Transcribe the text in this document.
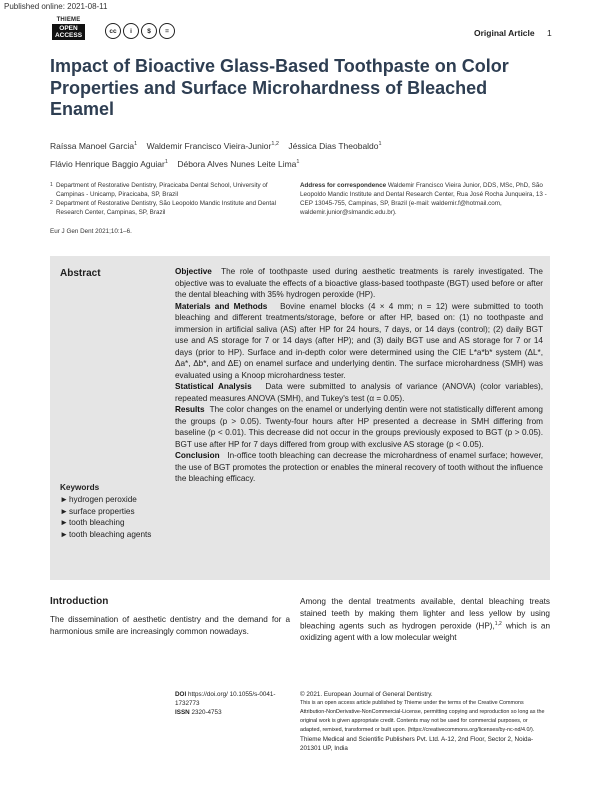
Published online: 2021-08-11
THIEME
OPEN
ACCESS
cc	i	$	=	Original Article 1
Impact of Bioactive Glass-Based Toothpaste on Color Properties and Surface Microhardness of Bleached Enamel
Raíssa Manoel Garcia$^1$ Waldemir Francisco Vieira-Junior$^{1,2}$ Jéssica Dias Theobaldo$^1$
Flávio Henrique Baggio Aguiar$^1$ Débora Alves Nunes Leite Lima$^1$
1 Department of Restorative Dentistry, Piracicaba Dental School, University of Campinas - Unicamp, Piracicaba, SP, Brazil
2 Department of Restorative Dentistry, São Leopoldo Mandic Institute and Dental Research Center, Campinas, SP, Brazil
Address for correspondence Waldemir Francisco Vieira Junior, DDS, MSc, PhD, São Leopoldo Mandic Institute and Dental Research Center, Rua José Rocha Junqueira, 13 - CEP 13045-755, Campinas, SP, Brazil (e-mail: waldemir.f@hotmail.com, waldemir.junior@slmandic.edu.br).
Eur J Gen Dent 2021;10:1–6.
Abstract	Objective The role of toothpaste used during aesthetic treatments is rarely investigated. The objective was to evaluate the effects of a bioactive glass-based toothpaste (BGT) used before or after the dental bleaching with 35% hydrogen peroxide (HP).

Materials and Methods Bovine enamel blocks (4 × 4 mm; n = 12) were submitted to tooth bleaching and different treatments/storage, before or after HP, based on: (1) no toothpaste and immersion in artificial saliva (AS) after HP for 24 hours, 7 days, or 14 days (control); (2) daily BGT use and AS storage for 7 or 14 days (after HP); and (3) daily BGT use and AS storage for 7 or 14 days (prior to HP). Surface and in-depth color were determined using the CIE L*a*b* system (ΔL*, Δa*, Δb*, and ΔE) on enamel surface and underlying dentin. The surface microhardness (SMH) was evaluated using a Knoop microhardness tester.

Statistical Analysis Data were submitted to analysis of variance (ANOVA) (color variables), repeated measures ANOVA (SMH), and Tukey's test (α = 0.05).

Results The color changes on the enamel or underlying dentin were not statistically different among the groups (p > 0.05). Twenty-four hours after HP presented a decrease in SMH differing from baseline (p < 0.01). This decrease did not occur in the groups previously exposed to BGT (p > 0.05). BGT use after HP for 7 days differed from group with exclusive AS storage (p < 0.05).

Conclusion In-office tooth bleaching can decrease the microhardness of enamel surface; however, the use of BGT promotes the protection or enables the mineral recovery of tooth without the influence the bleaching efficacy.

Keywords
► hydrogen peroxide
► surface properties
► tooth bleaching
► tooth bleaching agents
Introduction
The dissemination of aesthetic dentistry and the demand for a harmonious smile are increasingly common nowadays.
Among the dental treatments available, dental bleaching treats stained teeth by making them lighter and less yellow by using bleaching agents such as hydrogen peroxide (HP),$^{1,2}$ which is an oxidizing agent with a low molecular weight
DOI https://doi.org/ 10.1055/s-0041-1732773
ISSN 2320-4753
© 2021. European Journal of General Dentistry.
This is an open access article published by Thieme under the terms of the Creative Commons Attribution-NonDerivative-NonCommercial-License, permitting copying and reproduction so long as the original work is given appropriate credit. Contents may not be used for commercial purposes, or adapted, remixed, transformed or built upon. (https://creativecommons.org/licenses/by-nc-nd/4.0/).
Thieme Medical and Scientific Publishers Pvt. Ltd. A-12, 2nd Floor, Sector 2, Noida-201301 UP, India
